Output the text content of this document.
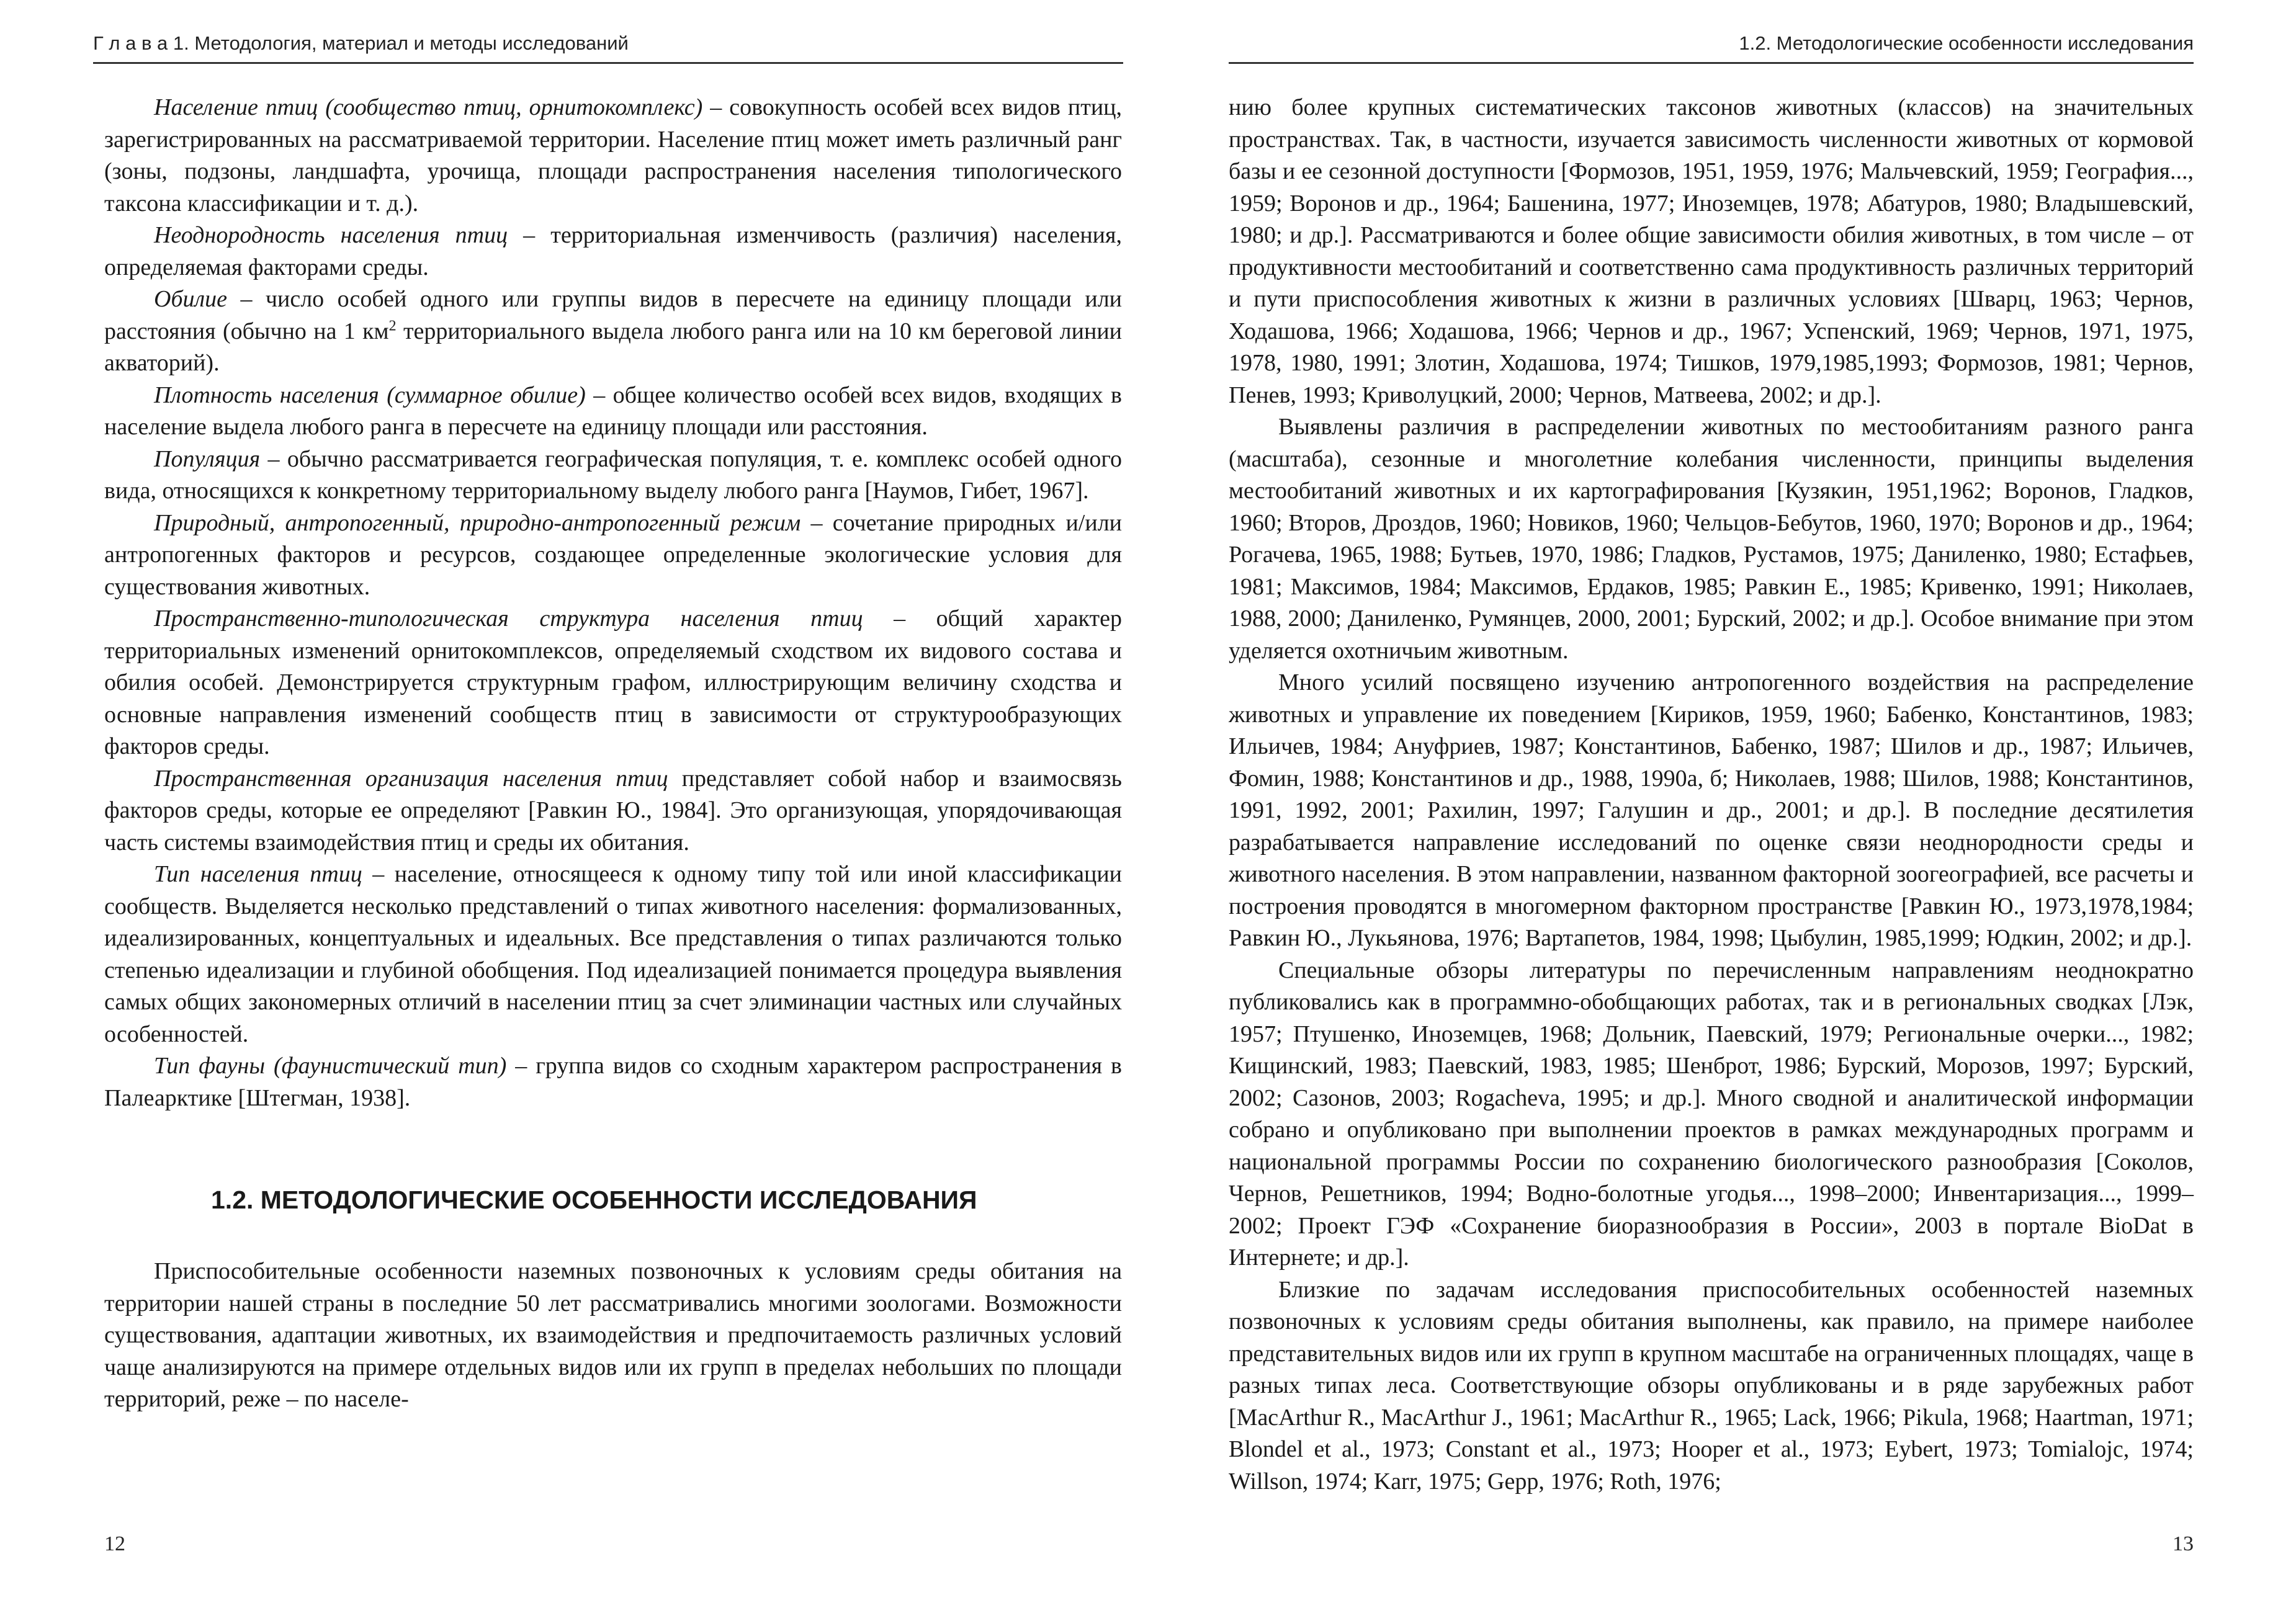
Г л а в а 1. Методология, материал и методы исследований

Население птиц (сообщество птиц, орнитокомплекс) – совокупность особей всех видов птиц, зарегистрированных на рассматриваемой территории. Население птиц может иметь различный ранг (зоны, подзоны, ландшафта, урочища, площади распространения населения типологического таксона классификации и т. д.).

Неоднородность населения птиц – территориальная изменчивость (различия) населения, определяемая факторами среды.

Обилие – число особей одного или группы видов в пересчете на единицу площади или расстояния (обычно на 1 $км^2$ территориального выдела любого ранга или на 10 км береговой линии акваторий).

Плотность населения (суммарное обилие) – общее количество особей всех видов, входящих в население выдела любого ранга в пересчете на единицу площади или расстояния.

Популяция – обычно рассматривается географическая популяция, т. е. комплекс особей одного вида, относящихся к конкретному территориальному выделу любого ранга [Наумов, Гибет, 1967].

Природный, антропогенный, природно-антропогенный режим – сочетание природных и/или антропогенных факторов и ресурсов, создающее определенные экологические условия для существования животных.

Пространственно-типологическая структура населения птиц – общий характер территориальных изменений орнитокомплексов, определяемый сходством их видового состава и обилия особей. Демонстрируется структурным графом, иллюстрирующим величину сходства и основные направления изменений сообществ птиц в зависимости от структурообразующих факторов среды.

Пространственная организация населения птиц представляет собой набор и взаимосвязь факторов среды, которые ее определяют [Равкин Ю., 1984]. Это организующая, упорядочивающая часть системы взаимодействия птиц и среды их обитания.

Тип населения птиц – население, относящееся к одному типу той или иной классификации сообществ. Выделяется несколько представлений о типах животного населения: формализованных, идеализированных, концептуальных и идеальных. Все представления о типах различаются только степенью идеализации и глубиной обобщения. Под идеализацией понимается процедура выявления самых общих закономерных отличий в населении птиц за счет элиминации частных или случайных особенностей.

Тип фауны (фаунистический тип) – группа видов со сходным характером распространения в Палеарктике [Штегман, 1938].

1.2. МЕТОДОЛОГИЧЕСКИЕ ОСОБЕННОСТИ ИССЛЕДОВАНИЯ

Приспособительные особенности наземных позвоночных к условиям среды обитания на территории нашей страны в последние 50 лет рассматривались многими зоологами. Возможности существования, адаптации животных, их взаимодействия и предпочитаемость различных условий чаще анализируются на примере отдельных видов или их групп в пределах небольших по площади территорий, реже – по населе-

12
1.2. Методологические особенности исследования

нию более крупных систематических таксонов животных (классов) на значительных пространствах. Так, в частности, изучается зависимость численности животных от кормовой базы и ее сезонной доступности [Формозов, 1951, 1959, 1976; Мальчевский, 1959; География..., 1959; Воронов и др., 1964; Башенина, 1977; Иноземцев, 1978; Абатуров, 1980; Владышевский, 1980; и др.]. Рассматриваются и более общие зависимости обилия животных, в том числе – от продуктивности местообитаний и соответственно сама продуктивность различных территорий и пути приспособления животных к жизни в различных условиях [Шварц, 1963; Чернов, Ходашова, 1966; Ходашова, 1966; Чернов и др., 1967; Успенский, 1969; Чернов, 1971, 1975, 1978, 1980, 1991; Злотин, Ходашова, 1974; Тишков, 1979,1985,1993; Формозов, 1981; Чернов, Пенев, 1993; Криволуцкий, 2000; Чернов, Матвеева, 2002; и др.].

Выявлены различия в распределении животных по местообитаниям разного ранга (масштаба), сезонные и многолетние колебания численности, принципы выделения местообитаний животных и их картографирования [Кузякин, 1951,1962; Воронов, Гладков, 1960; Второв, Дроздов, 1960; Новиков, 1960; Чельцов-Бебутов, 1960, 1970; Воронов и др., 1964; Рогачева, 1965, 1988; Бутьев, 1970, 1986; Гладков, Рустамов, 1975; Даниленко, 1980; Естафьев, 1981; Максимов, 1984; Максимов, Ердаков, 1985; Равкин Е., 1985; Кривенко, 1991; Николаев, 1988, 2000; Даниленко, Румянцев, 2000, 2001; Бурский, 2002; и др.]. Особое внимание при этом уделяется охотничьим животным.

Много усилий посвящено изучению антропогенного воздействия на распределение животных и управление их поведением [Кириков, 1959, 1960; Бабенко, Константинов, 1983; Ильичев, 1984; Ануфриев, 1987; Константинов, Бабенко, 1987; Шилов и др., 1987; Ильичев, Фомин, 1988; Константинов и др., 1988, 1990а, б; Николаев, 1988; Шилов, 1988; Константинов, 1991, 1992, 2001; Рахилин, 1997; Галушин и др., 2001; и др.]. В последние десятилетия разрабатывается направление исследований по оценке связи неоднородности среды и животного населения. В этом направлении, названном факторной зоогеографией, все расчеты и построения проводятся в многомерном факторном пространстве [Равкин Ю., 1973,1978,1984; Равкин Ю., Лукьянова, 1976; Вартапетов, 1984, 1998; Цыбулин, 1985,1999; Юдкин, 2002; и др.].

Специальные обзоры литературы по перечисленным направлениям неоднократно публиковались как в программно-обобщающих работах, так и в региональных сводках [Лэк, 1957; Птушенко, Иноземцев, 1968; Дольник, Паевский, 1979; Региональные очерки..., 1982; Кищинский, 1983; Паевский, 1983, 1985; Шенброт, 1986; Бурский, Морозов, 1997; Бурский, 2002; Сазонов, 2003; Rogacheva, 1995; и др.]. Много сводной и аналитической информации собрано и опубликовано при выполнении проектов в рамках международных программ и национальной программы России по сохранению биологического разнообразия [Соколов, Чернов, Решетников, 1994; Водно-болотные угодья..., 1998–2000; Инвентаризация..., 1999–2002; Проект ГЭФ «Сохранение биоразнообразия в России», 2003 в портале BioDat в Интернете; и др.].

Близкие по задачам исследования приспособительных особенностей наземных позвоночных к условиям среды обитания выполнены, как правило, на примере наиболее представительных видов или их групп в крупном масштабе на ограниченных площадях, чаще в разных типах леса. Соответствующие обзоры опубликованы и в ряде зарубежных работ [MacArthur R., MacArthur J., 1961; MacArthur R., 1965; Lack, 1966; Pikula, 1968; Haartman, 1971; Blondel et al., 1973; Constant et al., 1973; Hooper et al., 1973; Eybert, 1973; Tomialojc, 1974; Willson, 1974; Karr, 1975; Gepp, 1976; Roth, 1976;

13
